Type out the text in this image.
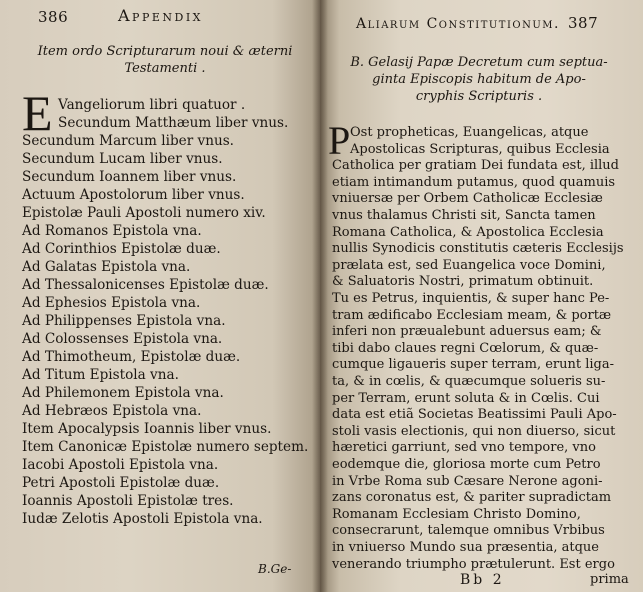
386	Appendix
Item ordo Scripturarum noui & æterni
Testamenti .
E Vangeliorum libri quatuor .
Secundum Matthæum liber vnus.
Secundum Marcum liber vnus.
Secundum Lucam liber vnus.
Secundum Ioannem liber vnus.
Actuum Apostolorum liber vnus.
Epistolæ Pauli Apostoli numero xiv.
Ad Romanos Epistola vna.
Ad Corinthios Epistolæ duæ.
Ad Galatas Epistola vna.
Ad Thessalonicenses Epistolæ duæ.
Ad Ephesios Epistola vna.
Ad Philippenses Epistola vna.
Ad Colossenses Epistola vna.
Ad Thimotheum, Epistolæ duæ.
Ad Titum Epistola vna.
Ad Philemonem Epistola vna.
Ad Hebræos Epistola vna.
Item Apocalypsis Ioannis liber vnus.
Item Canonicæ Epistolæ numero septem.
Iacobi Apostoli Epistola vna.
Petri Apostoli Epistolæ duæ.
Ioannis Apostoli Epistolæ tres.
Iudæ Zelotis Apostoli Epistola vna.
B.Ge-
Aliarum Constitutionum. 387
B. Gelasij Papæ Decretum cum septua-
ginta Episcopis habitum de Apo-
cryphis Scripturis .
P Ost propheticas, Euangelicas, atque
Apostolicas Scripturas, quibus Ecclesia
Catholica per gratiam Dei fundata est, illud
etiam intimandum putamus, quod quamuis
vniuersæ per Orbem Catholicæ Ecclesiæ
vnus thalamus Christi sit, Sancta tamen
Romana Catholica, & Apostolica Ecclesia
nullis Synodicis constitutis cæteris Ecclesijs
prælata est, sed Euangelica voce Domini,
& Saluatoris Nostri, primatum obtinuit.
Tu es Petrus, inquientis, & super hanc Pe-
tram ædificabo Ecclesiam meam, & portæ
inferi non præualebunt aduersus eam; &
tibi dabo claues regni Cœlorum, & quæ-
cumque ligaueris super terram, erunt liga-
ta, & in cœlis, & quæcumque solueris su-
per Terram, erunt soluta & in Cœlis. Cui
data est etiã Societas Beatissimi Pauli Apo-
stoli vasis electionis, qui non diuerso, sicut
hæretici garriunt, sed vno tempore, vno
eodemque die, gloriosa morte cum Petro
in Vrbe Roma sub Cæsare Nerone agoni-
zans coronatus est, & pariter supradictam
Romanam Ecclesiam Christo Domino,
consecrarunt, talemque omnibus Vrbibus
in vniuerso Mundo sua præsentia, atque
venerando triumpho prætulerunt. Est ergo
Bb 2	prima
